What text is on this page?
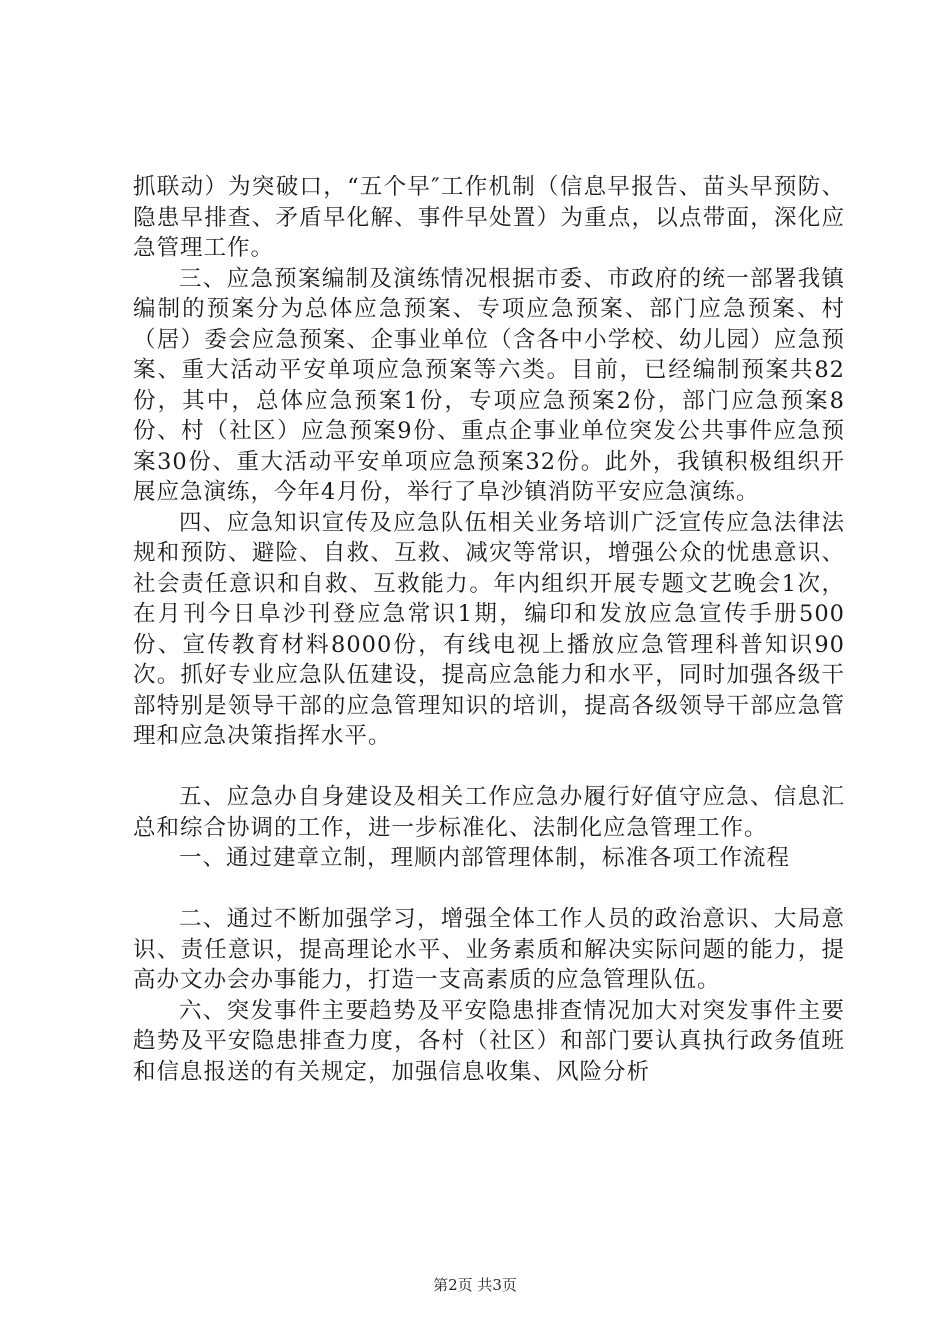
抓联动）为突破口，“五个早″工作机制（信息早报告、苗头早预防、隐患早排查、矛盾早化解、事件早处置）为重点，以点带面，深化应急管理工作。

三、应急预案编制及演练情况根据市委、市政府的统一部署我镇编制的预案分为总体应急预案、专项应急预案、部门应急预案、村（居）委会应急预案、企事业单位（含各中小学校、幼儿园）应急预案、重大活动平安单项应急预案等六类。目前，已经编制预案共82份，其中，总体应急预案1份，专项应急预案2份，部门应急预案8份、村（社区）应急预案9份、重点企事业单位突发公共事件应急预案30份、重大活动平安单项应急预案32份。此外，我镇积极组织开展应急演练，今年4月份，举行了阜沙镇消防平安应急演练。

四、应急知识宣传及应急队伍相关业务培训广泛宣传应急法律法规和预防、避险、自救、互救、减灾等常识，增强公众的忧患意识、社会责任意识和自救、互救能力。年内组织开展专题文艺晚会1次，在月刊今日阜沙刊登应急常识1期，编印和发放应急宣传手册500份、宣传教育材料8000份，有线电视上播放应急管理科普知识90次。抓好专业应急队伍建设，提高应急能力和水平，同时加强各级干部特别是领导干部的应急管理知识的培训，提高各级领导干部应急管理和应急决策指挥水平。

五、应急办自身建设及相关工作应急办履行好值守应急、信息汇总和综合协调的工作，进一步标准化、法制化应急管理工作。

一、通过建章立制，理顺内部管理体制，标准各项工作流程

二、通过不断加强学习，增强全体工作人员的政治意识、大局意识、责任意识，提高理论水平、业务素质和解决实际问题的能力，提高办文办会办事能力，打造一支高素质的应急管理队伍。

六、突发事件主要趋势及平安隐患排查情况加大对突发事件主要趋势及平安隐患排查力度，各村（社区）和部门要认真执行政务值班和信息报送的有关规定，加强信息收集、风险分析

第2页 共3页
